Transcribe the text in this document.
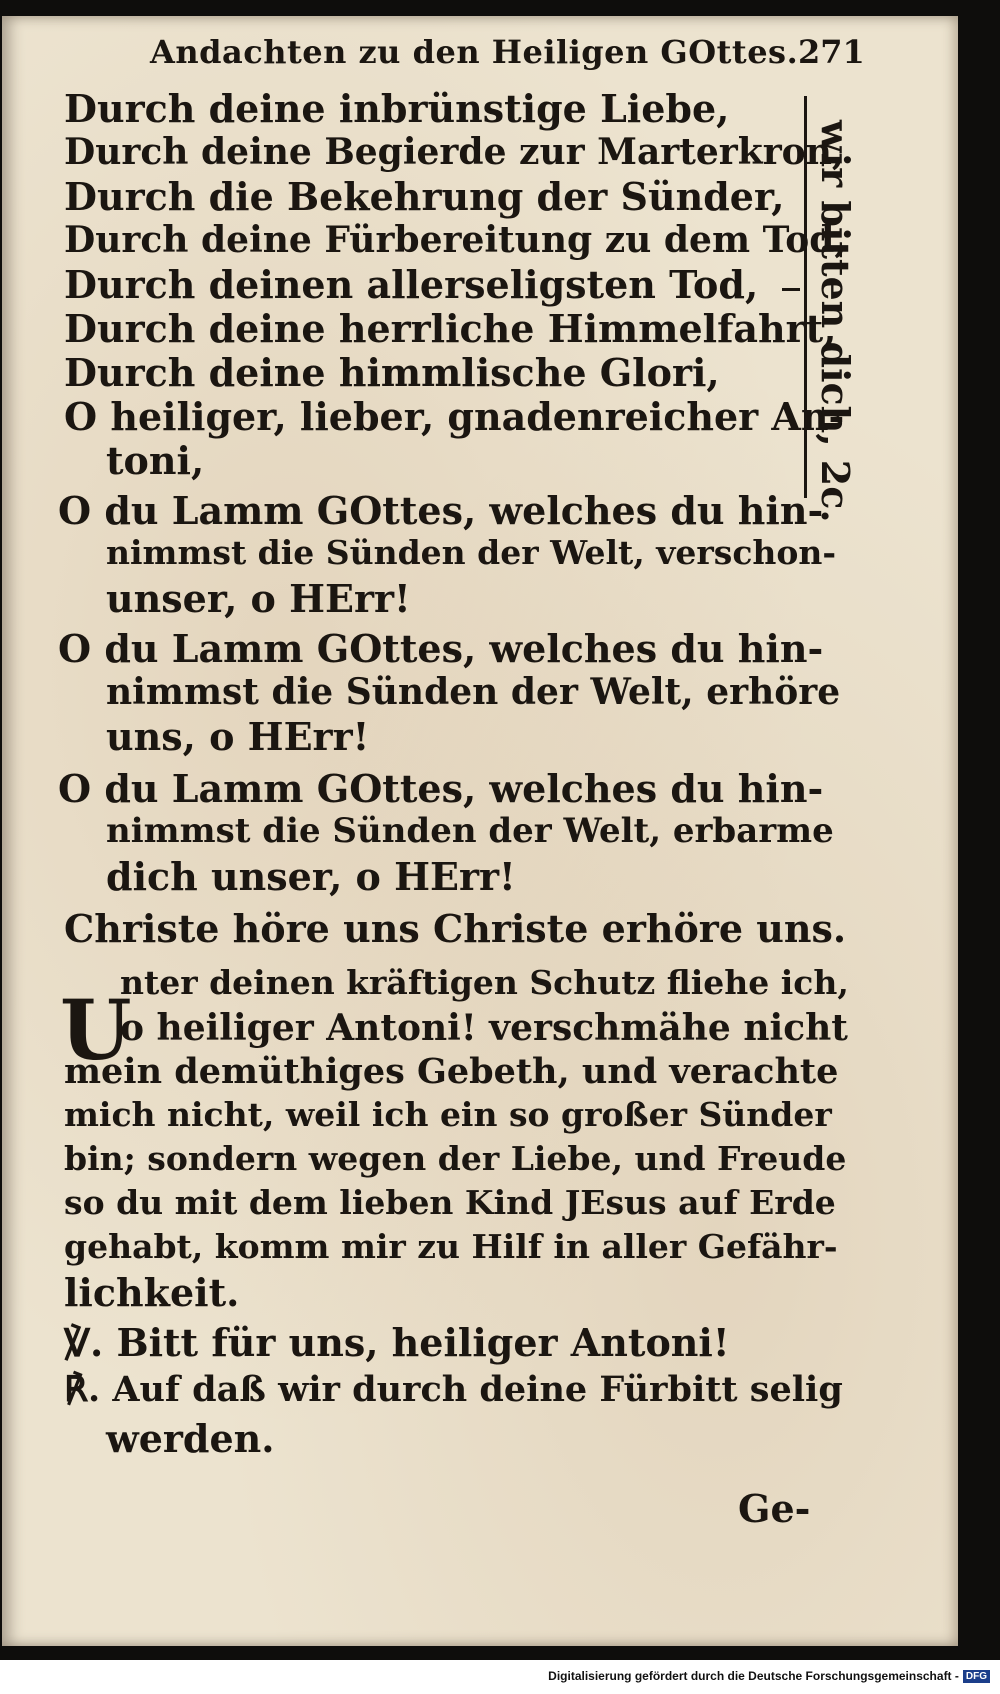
Andachten zu den Heiligen GOttes. 271
Durch deine inbrünstige Liebe,
Durch deine Begierde zur Marterkron,
Durch die Bekehrung der Sünder,
Durch deine Fürbereitung zu dem Tod,
Durch deinen allerseligsten Tod,
Durch deine herrliche Himmelfahrt,
Durch deine himmlische Glori,
O heiliger, lieber, gnadenreicher An-
toni,	wir bitten dich, 2c.
O du Lamm GOttes, welches du hin-
nimmst die Sünden der Welt, verschon-
unser, o HErr!
O du Lamm GOttes, welches du hin-
nimmst die Sünden der Welt, erhöre
uns, o HErr!
O du Lamm GOttes, welches du hin-
nimmst die Sünden der Welt, erbarme
dich unser, o HErr!
Christe höre uns Christe erhöre uns.
U
nter deinen kräftigen Schutz fliehe ich,
o heiliger Antoni! verschmähe nicht
mein demüthiges Gebeth, und verachte
mich nicht, weil ich ein so großer Sünder
bin; sondern wegen der Liebe, und Freude
so du mit dem lieben Kind JEsus auf Erde
gehabt, komm mir zu Hilf in aller Gefähr-
lichkeit.
℣. Bitt für uns, heiliger Antoni!
℟. Auf daß wir durch deine Fürbitt selig
werden.
Ge-
Digitalisierung gefördert durch die Deutsche Forschungsgemeinschaft - DFG
